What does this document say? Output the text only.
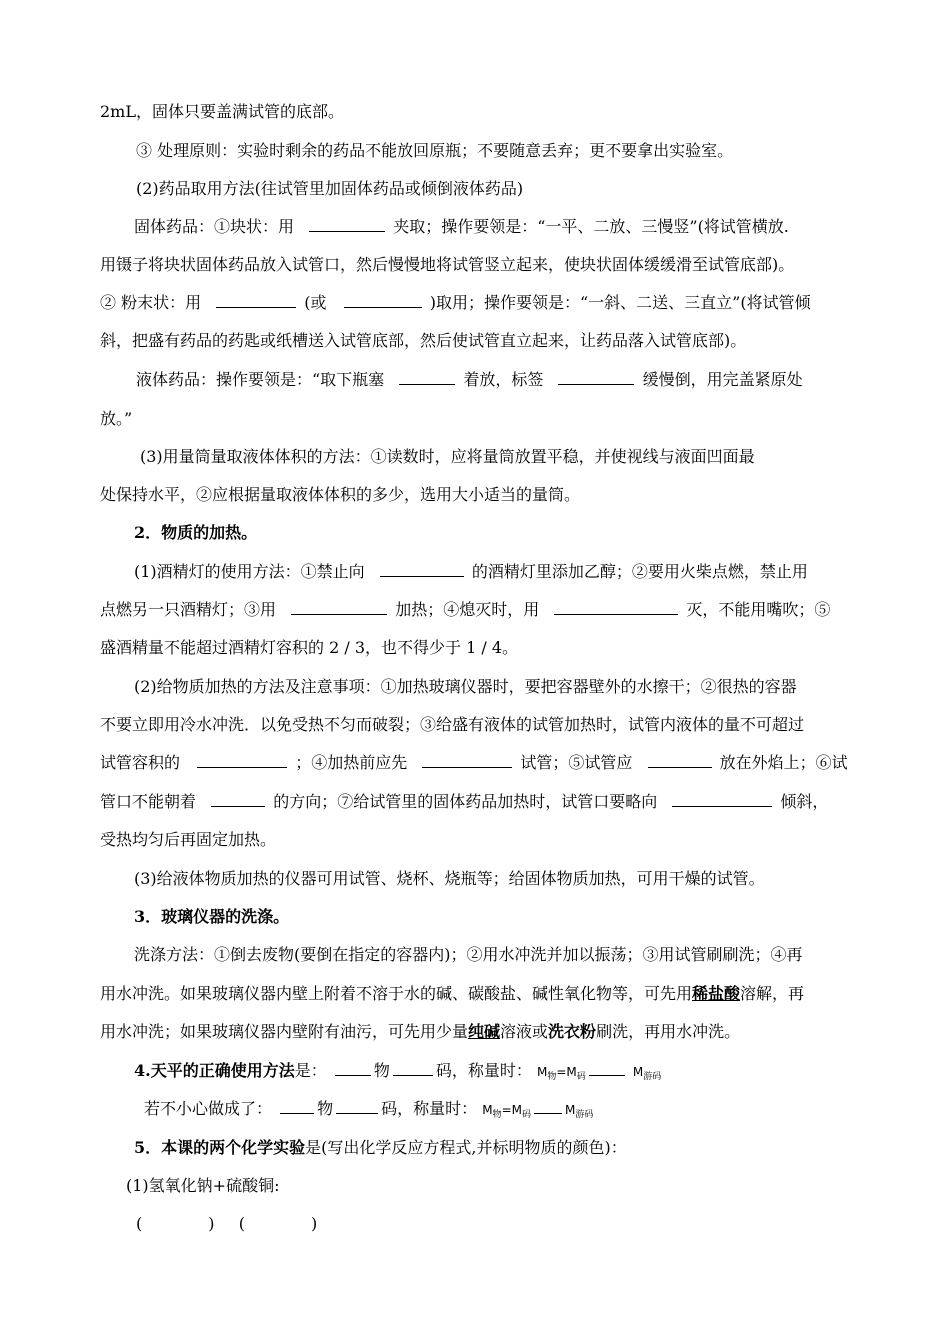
2mL，固体只要盖满试管的底部。
③ 处理原则：实验时剩余的药品不能放回原瓶；不要随意丢弃；更不要拿出实验室。
(2)药品取用方法(往试管里加固体药品或倾倒液体药品)
固体药品：①块状：用	夹取；操作要领是：“一平、二放、三慢竖”(将试管横放.
用镊子将块状固体药品放入试管口，然后慢慢地将试管竖立起来，使块状固体缓缓滑至试管底部)。
② 粉末状：用	(或	)取用；操作要领是：“一斜、二送、三直立”(将试管倾
斜，把盛有药品的药匙或纸槽送入试管底部，然后使试管直立起来，让药品落入试管底部)。
液体药品：操作要领是：“取下瓶塞	着放，标签	缓慢倒，用完盖紧原处
放。”
(3)用量筒量取液体体积的方法：①读数时，应将量筒放置平稳，并使视线与液面凹面最
处保持水平，②应根据量取液体体积的多少，选用大小适当的量筒。
2．物质的加热。
(1)酒精灯的使用方法：①禁止向	的酒精灯里添加乙醇；②要用火柴点燃，禁止用
点燃另一只酒精灯；③用	加热；④熄灭时，用	灭，不能用嘴吹；⑤
盛酒精量不能超过酒精灯容积的 2 / 3，也不得少于 1 / 4。
(2)给物质加热的方法及注意事项：①加热玻璃仪器时，要把容器壁外的水擦干；②很热的容器
不要立即用冷水冲洗．以免受热不匀而破裂；③给盛有液体的试管加热时，试管内液体的量不可超过
试管容积的	；④加热前应先	试管；⑤试管应	放在外焰上；⑥试
管口不能朝着	的方向；⑦给试管里的固体药品加热时，试管口要略向	倾斜，
受热均匀后再固定加热。
(3)给液体物质加热的仪器可用试管、烧杯、烧瓶等；给固体物质加热，可用干燥的试管。
3．玻璃仪器的洗涤。
洗涤方法：①倒去废物(要倒在指定的容器内)；②用水冲洗并加以振荡；③用试管刷刷洗；④再
用水冲洗。如果玻璃仪器内壁上附着不溶于水的碱、碳酸盐、碱性氧化物等，可先用稀盐酸溶解，再
用水冲洗；如果玻璃仪器内壁附有油污，可先用少量纯碱溶液或洗衣粉刷洗，再用水冲洗。
4.天平的正确使用方法是：	物	码，称量时： $M_物=M_码$	$M_{游码}$
若不小心做成了：	物	码，称量时： $M_物=M_码$	$M_{游码}$
5．本课的两个化学实验是(写出化学反应方程式,并标明物质的颜色)：
(1)氢氧化钠+硫酸铜:
(	) (	)
